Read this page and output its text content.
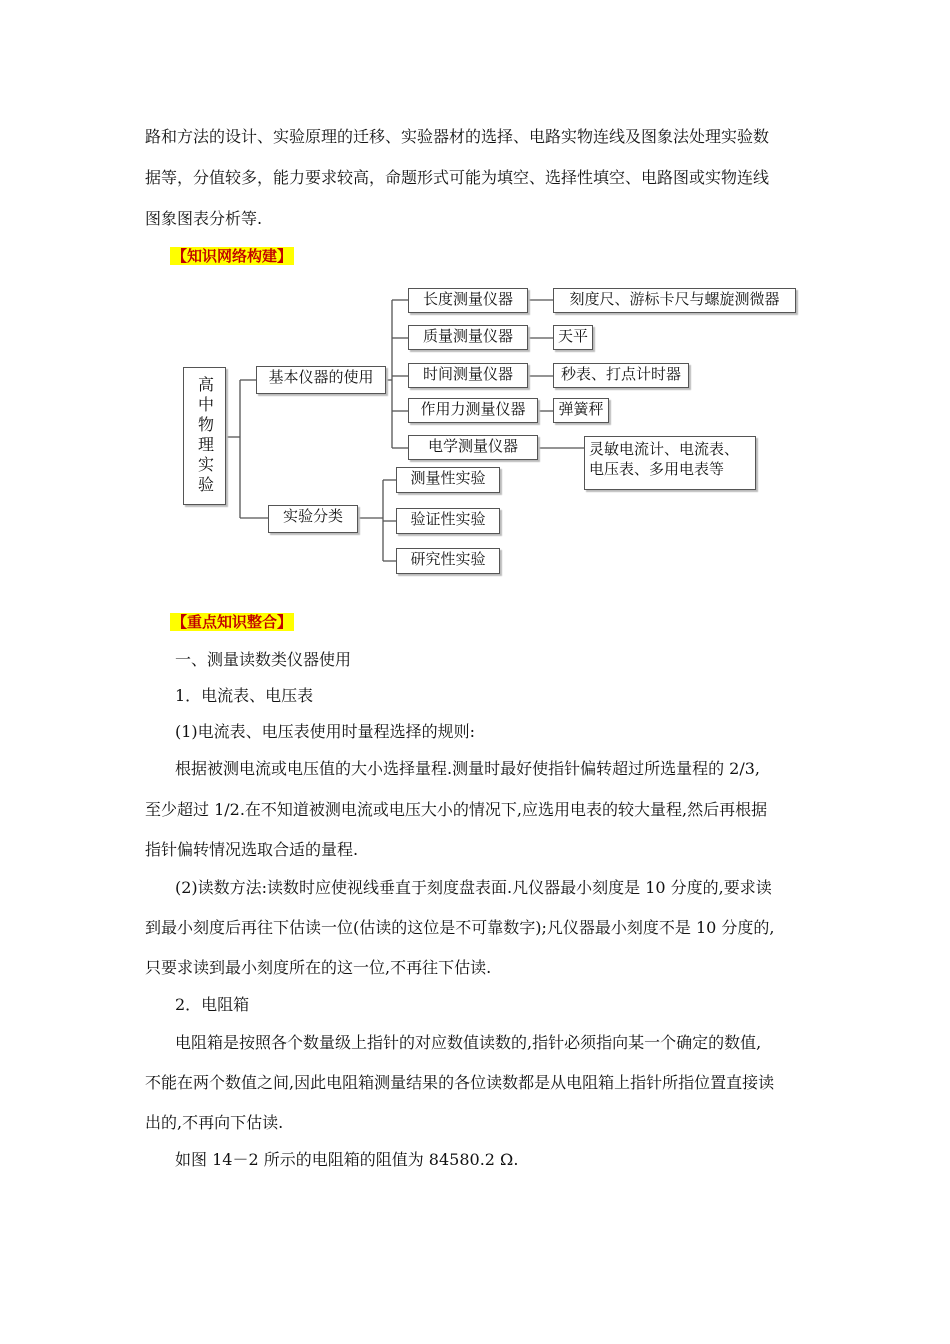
路和方法的设计、实验原理的迁移、实验器材的选择、电路实物连线及图象法处理实验数
据等，分值较多，能力要求较高，命题形式可能为填空、选择性填空、电路图或实物连线
图象图表分析等.
【知识网络构建】
高中物理实验	基本仪器的使用
实验分类
长度测量仪器
质量测量仪器
时间测量仪器
作用力测量仪器
电学测量仪器
刻度尺、游标卡尺与螺旋测微器
天平
秒表、打点计时器
弹簧秤
灵敏电流计、电流表、
电压表、多用电表等
测量性实验
验证性实验
研究性实验
【重点知识整合】
一、测量读数类仪器使用
1．电流表、电压表
(1)电流表、电压表使用时量程选择的规则:
根据被测电流或电压值的大小选择量程.测量时最好使指针偏转超过所选量程的 2/3,
至少超过 1/2.在不知道被测电流或电压大小的情况下,应选用电表的较大量程,然后再根据
指针偏转情况选取合适的量程.
(2)读数方法:读数时应使视线垂直于刻度盘表面.凡仪器最小刻度是 10 分度的,要求读
到最小刻度后再往下估读一位(估读的这位是不可靠数字);凡仪器最小刻度不是 10 分度的,
只要求读到最小刻度所在的这一位,不再往下估读.
2．电阻箱
电阻箱是按照各个数量级上指针的对应数值读数的,指针必须指向某一个确定的数值,
不能在两个数值之间,因此电阻箱测量结果的各位读数都是从电阻箱上指针所指位置直接读
出的,不再向下估读.
如图 14－2 所示的电阻箱的阻值为 84580.2 Ω.
